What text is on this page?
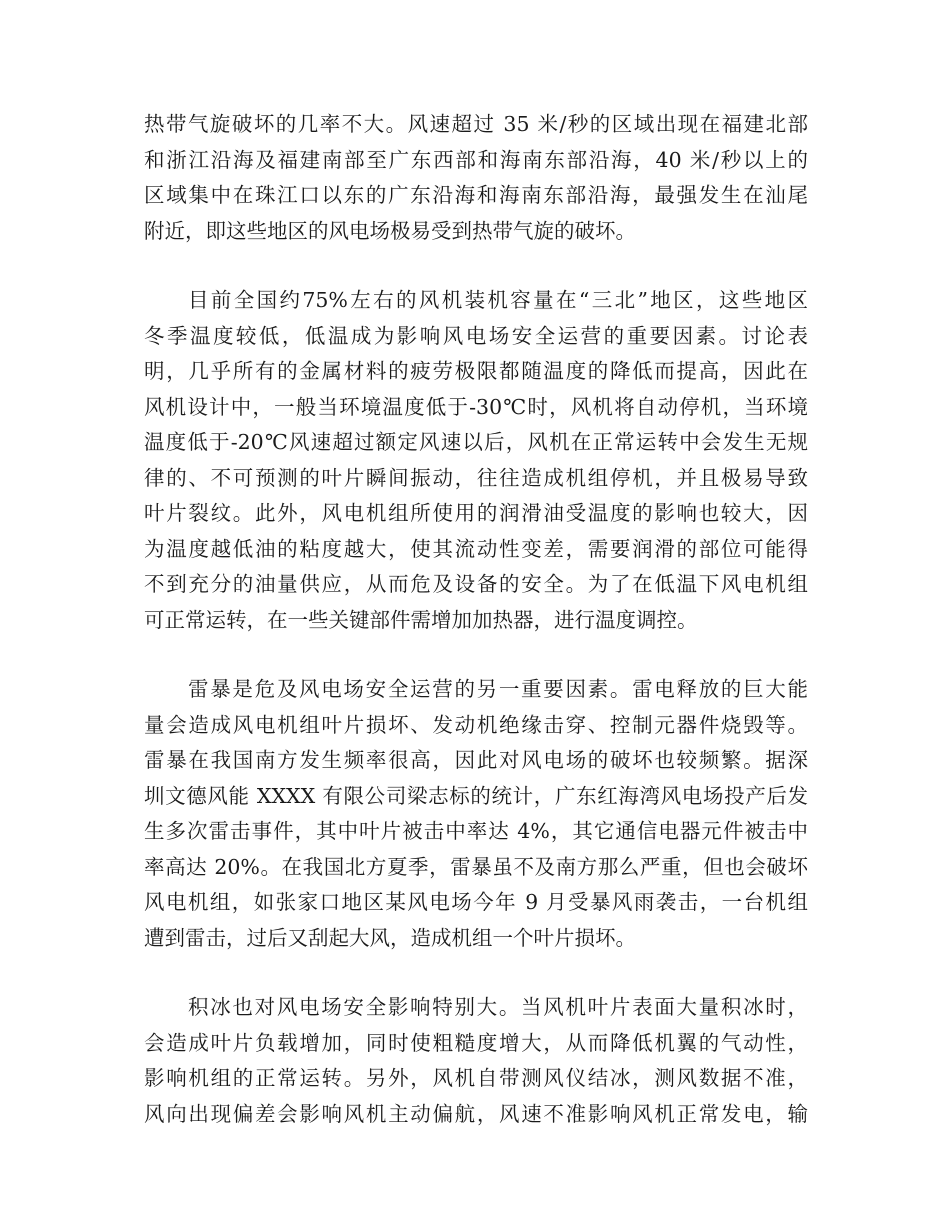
热带气旋破坏的几率不大。风速超过 35 米/秒的区域出现在福建北部
和浙江沿海及福建南部至广东西部和海南东部沿海，40 米/秒以上的
区域集中在珠江口以东的广东沿海和海南东部沿海，最强发生在汕尾
附近，即这些地区的风电场极易受到热带气旋的破坏。
目前全国约75%左右的风机装机容量在“三北”地区，这些地区
冬季温度较低，低温成为影响风电场安全运营的重要因素。讨论表
明，几乎所有的金属材料的疲劳极限都随温度的降低而提高，因此在
风机设计中，一般当环境温度低于-30℃时，风机将自动停机，当环境
温度低于-20℃风速超过额定风速以后，风机在正常运转中会发生无规
律的、不可预测的叶片瞬间振动，往往造成机组停机，并且极易导致
叶片裂纹。此外，风电机组所使用的润滑油受温度的影响也较大，因
为温度越低油的粘度越大，使其流动性变差，需要润滑的部位可能得
不到充分的油量供应，从而危及设备的安全。为了在低温下风电机组
可正常运转，在一些关键部件需增加加热器，进行温度调控。
雷暴是危及风电场安全运营的另一重要因素。雷电释放的巨大能
量会造成风电机组叶片损坏、发动机绝缘击穿、控制元器件烧毁等。
雷暴在我国南方发生频率很高，因此对风电场的破坏也较频繁。据深
圳文德风能 XXXX 有限公司梁志标的统计，广东红海湾风电场投产后发
生多次雷击事件，其中叶片被击中率达 4%，其它通信电器元件被击中
率高达 20%。在我国北方夏季，雷暴虽不及南方那么严重，但也会破坏
风电机组，如张家口地区某风电场今年 9 月受暴风雨袭击，一台机组
遭到雷击，过后又刮起大风，造成机组一个叶片损坏。
积冰也对风电场安全影响特别大。当风机叶片表面大量积冰时，
会造成叶片负载增加，同时使粗糙度增大，从而降低机翼的气动性，
影响机组的正常运转。另外，风机自带测风仪结冰，测风数据不准，
风向出现偏差会影响风机主动偏航，风速不准影响风机正常发电，输
